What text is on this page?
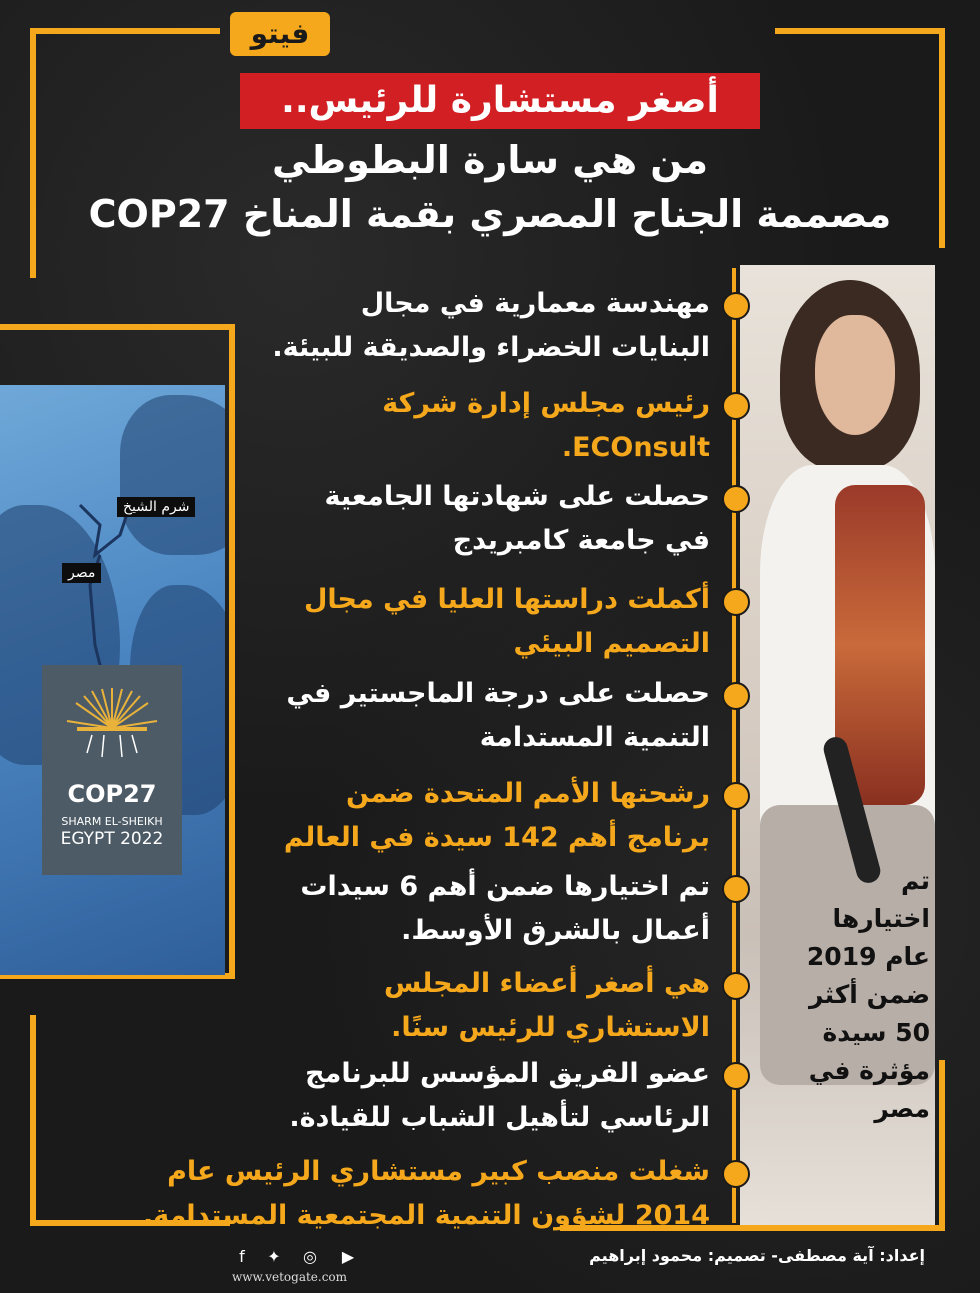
فيتو
أصغر مستشارة للرئيس..
من هي سارة البطوطي
مصممة الجناح المصري بقمة المناخ COP27
شرم الشيخ
مصر
COP27
SHARM EL-SHEIKH
EGYPT 2022
تم
اختيارها
عام 2019
ضمن أكثر
50 سيدة
مؤثرة في
مصر
مهندسة معمارية في مجال
البنايات الخضراء والصديقة للبيئة.
رئيس مجلس إدارة شركة
ECOnsult.
حصلت على شهادتها الجامعية
في جامعة كامبريدج
أكملت دراستها العليا في مجال
التصميم البيئي
حصلت على درجة الماجستير في
التنمية المستدامة
رشحتها الأمم المتحدة ضمن
برنامج أهم 142 سيدة في العالم
تم اختيارها ضمن أهم 6 سيدات
أعمال بالشرق الأوسط.
هي أصغر أعضاء المجلس
الاستشاري للرئيس سنًا.
عضو الفريق المؤسس للبرنامج
الرئاسي لتأهيل الشباب للقيادة.
شغلت منصب كبير مستشاري الرئيس عام
2014 لشؤون التنمية المجتمعية المستدامة.
إعداد: آية مصطفى- تصميم: محمود إبراهيم
▶
◎
✦
f
www.vetogate.com
